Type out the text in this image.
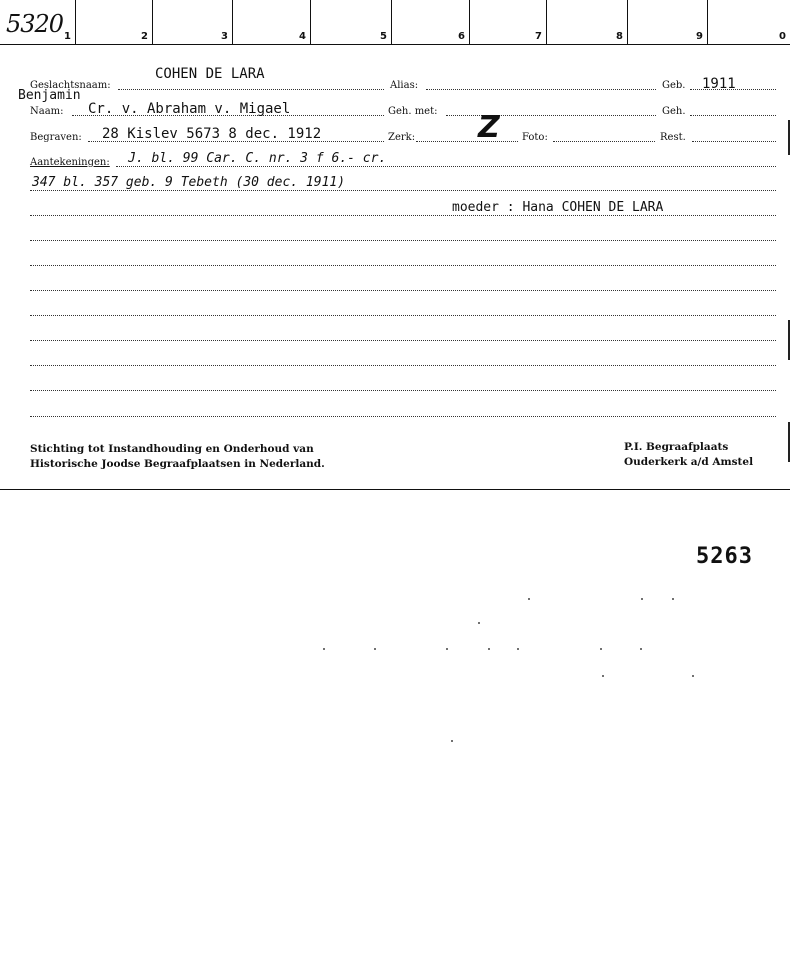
5320 1	2	3	4	5	6	7	8	9	0
Geslachtsnaam:
COHEN DE LARA
Benjamin
Alias:	Geb. 1911
Naam: Cr. v. Abraham v. Migael	Geh. met:	Geh.
Begraven: 28 Kislev 5673 8 dec. 1912	Zerk: Z Foto:	Rest.
Aantekeningen: J. bl. 99 Car. C. nr. 3 f 6.- cr.
347 bl. 357 geb. 9 Tebeth (30 dec. 1911)
moeder : Hana COHEN DE LARA
Stichting tot Instandhouding en Onderhoud van
Historische Joodse Begraafplaatsen in Nederland.
P.I. Begraafplaats
Ouderkerk a/d Amstel
5263
